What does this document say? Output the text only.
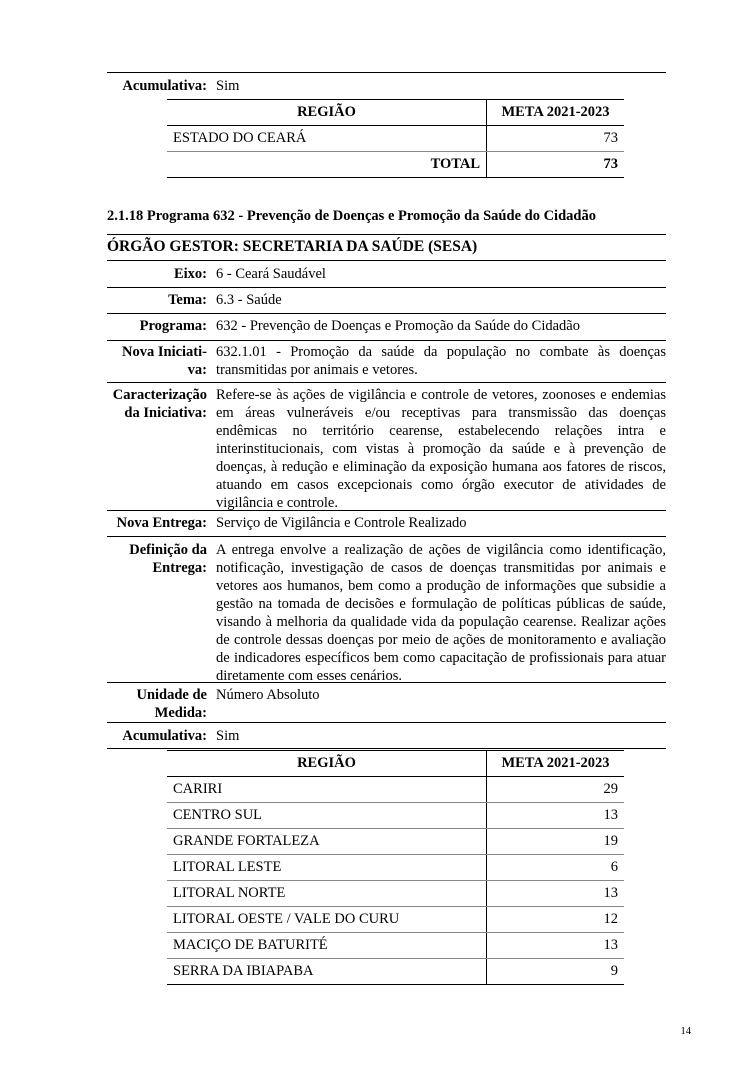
Acumulativa: Sim
REGIÃO	META 2021-2023
ESTADO DO CEARÁ	73
TOTAL	73
2.1.18 Programa 632 - Prevenção de Doenças e Promoção da Saúde do Cidadão
ÓRGÃO GESTOR: SECRETARIA DA SAÚDE (SESA)
Eixo: 6 - Ceará Saudável
Tema: 6.3 - Saúde
Programa: 632 - Prevenção de Doenças e Promoção da Saúde do Cidadão
Nova Iniciati-
va:
632.1.01 - Promoção da saúde da população no combate às doenças transmitidas por animais e vetores.
Caracterização
da Iniciativa:
Refere-se às ações de vigilância e controle de vetores, zoonoses e endemias em áreas vulneráveis e/ou receptivas para transmissão das doenças endêmicas no território cearense, estabelecendo relações intra e interinstitucionais, com vistas à promoção da saúde e à prevenção de doenças, à redução e eliminação da exposição humana aos fatores de riscos, atuando em casos excepcionais como órgão executor de atividades de vigilância e controle.
Nova Entrega: Serviço de Vigilância e Controle Realizado
Definição da
Entrega:
A entrega envolve a realização de ações de vigilância como identificação, notificação, investigação de casos de doenças transmitidas por animais e vetores aos humanos, bem como a produção de informações que subsidie a gestão na tomada de decisões e formulação de políticas públicas de saúde, visando à melhoria da qualidade vida da população cearense. Realizar ações de controle dessas doenças por meio de ações de monitoramento e avaliação de indicadores específicos bem como capacitação de profissionais para atuar diretamente com esses cenários.
Unidade de
Medida:
Número Absoluto
Acumulativa: Sim
REGIÃO	META 2021-2023
CARIRI	29
CENTRO SUL	13
GRANDE FORTALEZA	19
LITORAL LESTE	6
LITORAL NORTE	13
LITORAL OESTE / VALE DO CURU	12
MACIÇO DE BATURITÉ	13
SERRA DA IBIAPABA	9
14
